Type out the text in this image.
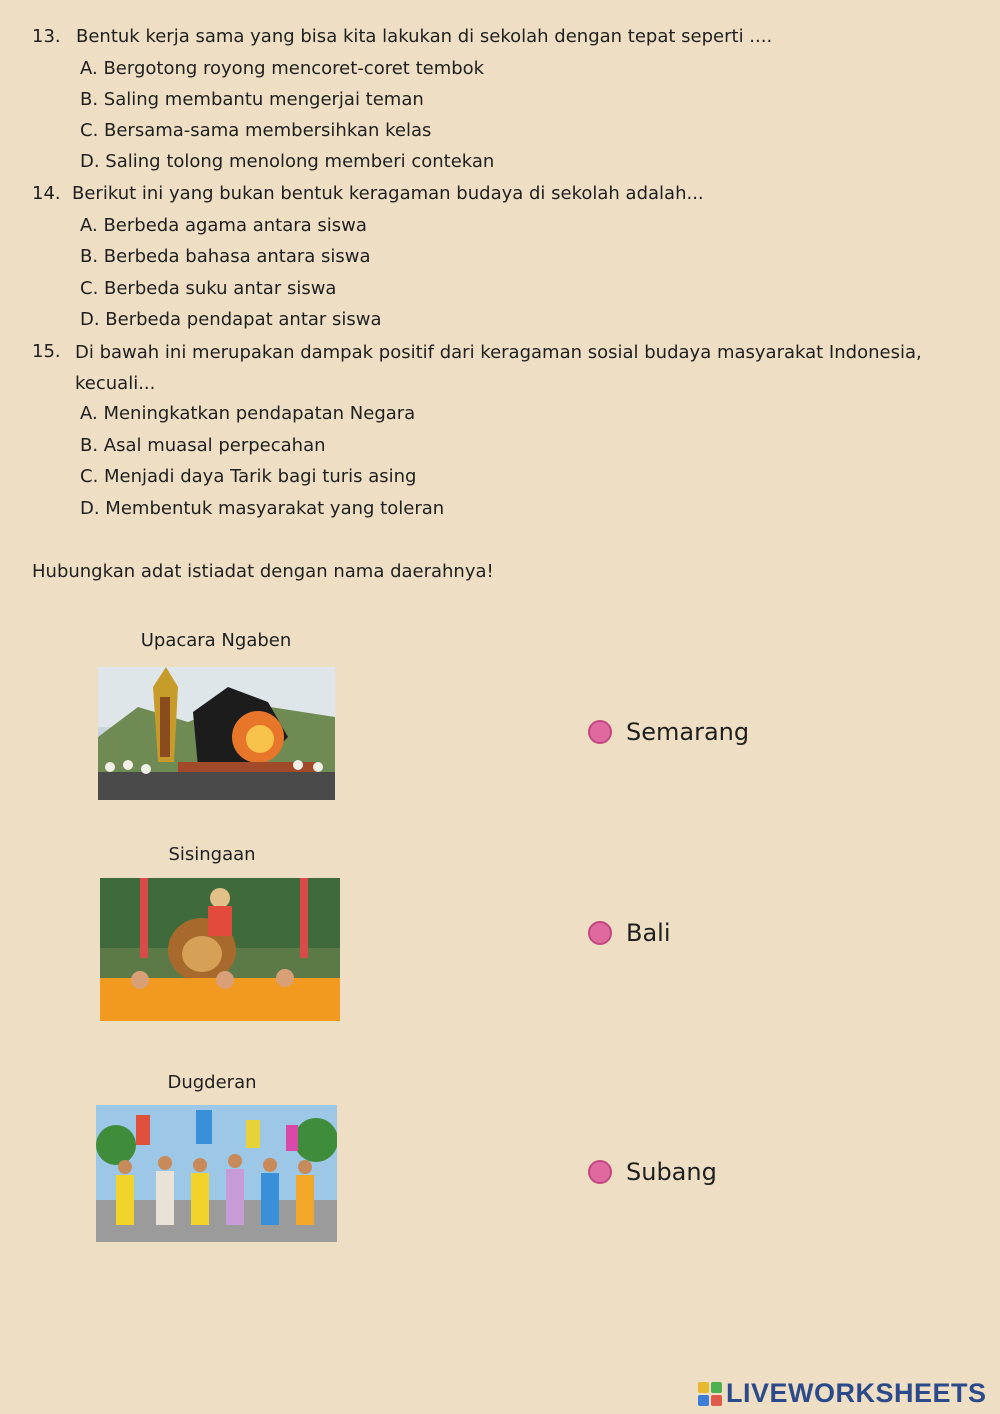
13. Bentuk kerja sama yang bisa kita lakukan di sekolah dengan tepat seperti ....
A. Bergotong royong mencoret-coret tembok
B. Saling membantu mengerjai teman
C. Bersama-sama membersihkan kelas
D. Saling tolong menolong memberi contekan
14. Berikut ini yang bukan bentuk keragaman budaya di sekolah adalah...
A. Berbeda agama antara siswa
B. Berbeda bahasa antara siswa
C. Berbeda suku antar siswa
D. Berbeda pendapat antar siswa
15. Di bawah ini merupakan dampak positif dari keragaman sosial budaya masyarakat Indonesia, kecuali...
A. Meningkatkan pendapatan Negara
B. Asal muasal perpecahan
C. Menjadi daya Tarik bagi turis asing
D. Membentuk masyarakat yang toleran
Hubungkan adat istiadat dengan nama daerahnya!
Upacara Ngaben
Sisingaan
Dugderan
Semarang
Bali
Subang
LIVEWORKSHEETS
